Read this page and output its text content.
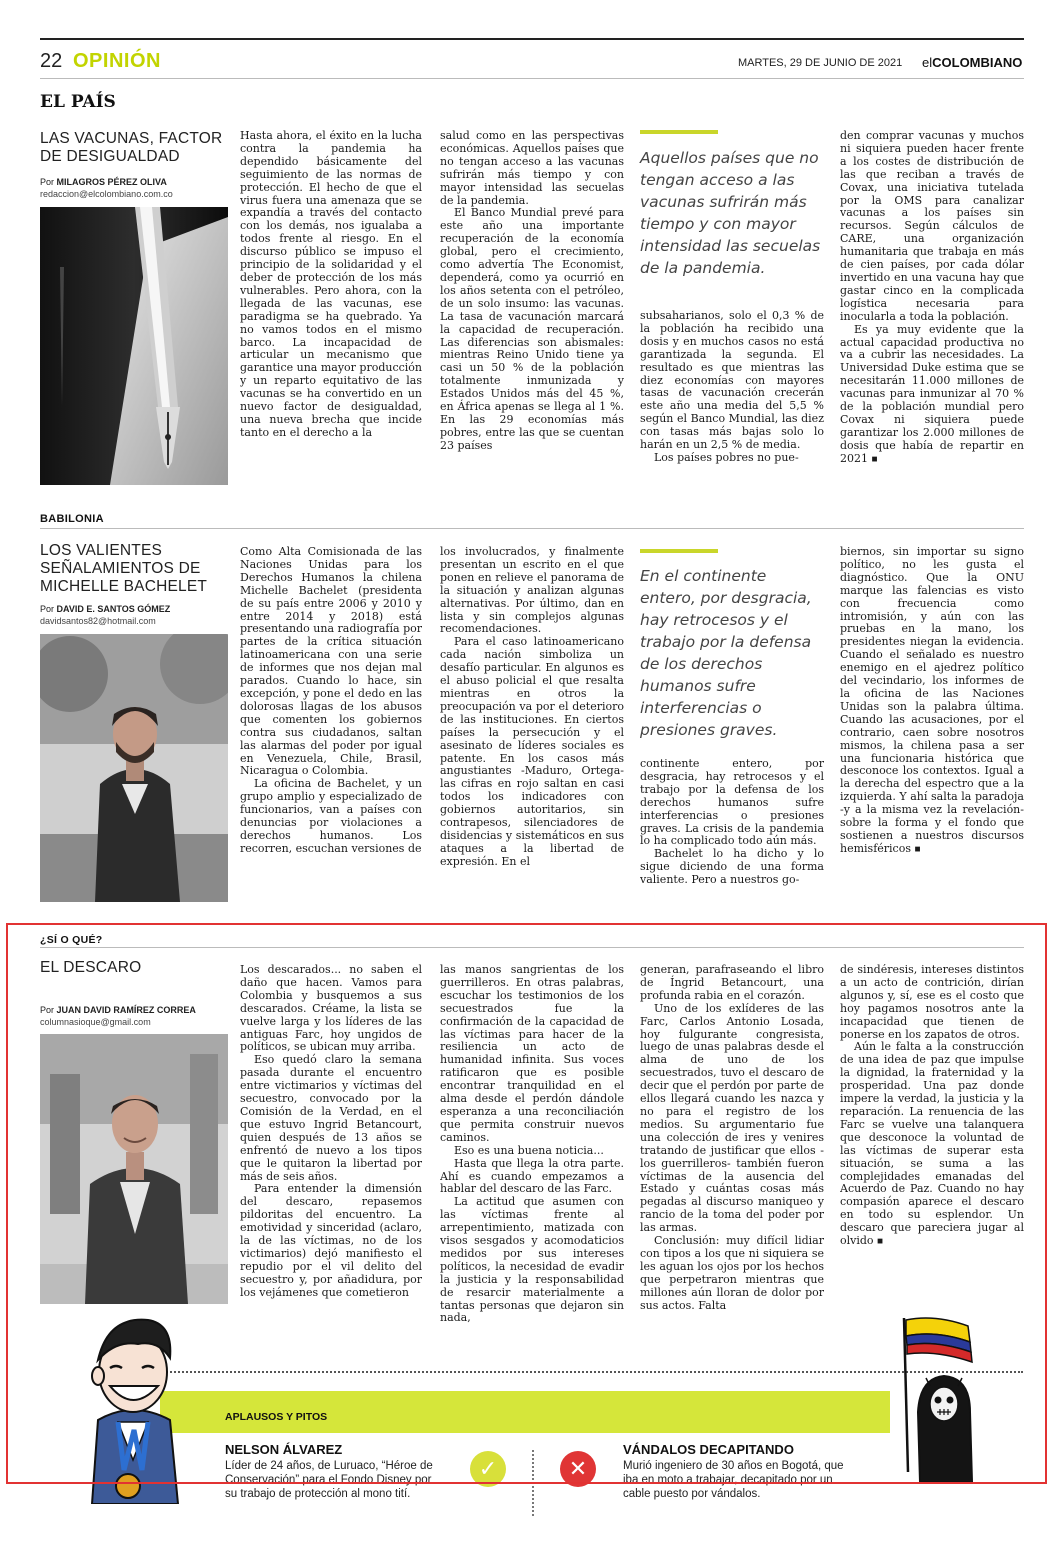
22 OPINIÓN	MARTES, 29 DE JUNIO DE 2021 elCOLOMBIANO
EL PAÍS
LAS VACUNAS, FACTOR
DE DESIGUALDAD
Por MILAGROS PÉREZ OLIVA
redaccion@elcolombiano.com.co

Hasta ahora, el éxito en la lucha contra la pandemia ha dependido básicamente del seguimiento de las normas de protección. El hecho de que el virus fuera una amenaza que se expandía a través del contacto con los demás, nos igualaba a todos frente al riesgo. En el discurso público se impuso el principio de la solidaridad y el deber de protección de los más vulnerables. Pero ahora, con la llegada de las vacunas, ese paradigma se ha quebrado. Ya no vamos todos en el mismo barco. La incapacidad de articular un mecanismo que garantice una mayor producción y un reparto equitativo de las vacunas se ha convertido en un nuevo factor de desigualdad, una nueva brecha que incide tanto en el derecho a la

salud como en las perspectivas económicas. Aquellos países que no tengan acceso a las vacunas sufrirán más tiempo y con mayor intensidad las secuelas de la pandemia.

El Banco Mundial prevé para este año una importante recuperación de la economía global, pero el crecimiento, como advertía The Economist, dependerá, como ya ocurrió en los años setenta con el petróleo, de un solo insumo: las vacunas. La tasa de vacunación marcará la capacidad de recuperación. Las diferencias son abismales: mientras Reino Unido tiene ya casi un 50 % de la población totalmente inmunizada y Estados Unidos más del 45 %, en África apenas se llega al 1 %. En las 29 economías más pobres, entre las que se cuentan 23 países

Aquellos países que no tengan acceso a las vacunas sufrirán más tiempo y con mayor intensidad las secuelas de la pandemia.

subsaharianos, solo el 0,3 % de la población ha recibido una dosis y en muchos casos no está garantizada la segunda. El resultado es que mientras las diez economías con mayores tasas de vacunación crecerán este año una media del 5,5 % según el Banco Mundial, las diez con tasas más bajas solo lo harán en un 2,5 % de media.

Los países pobres no pue-

den comprar vacunas y muchos ni siquiera pueden hacer frente a los costes de distribución de las que reciban a través de Covax, una iniciativa tutelada por la OMS para canalizar vacunas a los países sin recursos. Según cálculos de CARE, una organización humanitaria que trabaja en más de cien países, por cada dólar invertido en una vacuna hay que gastar cinco en la complicada logística necesaria para inocularla a toda la población.

Es ya muy evidente que la actual capacidad productiva no va a cubrir las necesidades. La Universidad Duke estima que se necesitarán 11.000 millones de vacunas para inmunizar al 70 % de la población mundial pero Covax ni siquiera puede garantizar los 2.000 millones de dosis que había de repartir en 2021 ■

BABILONIA
LOS VALIENTES
SEÑALAMIENTOS DE
MICHELLE BACHELET
Por DAVID E. SANTOS GÓMEZ
davidsantos82@hotmail.com

Como Alta Comisionada de las Naciones Unidas para los Derechos Humanos la chilena Michelle Bachelet (presidenta de su país entre 2006 y 2010 y entre 2014 y 2018) está presentando una radiografía por partes de la crítica situación latinoamericana con una serie de informes que nos dejan mal parados. Cuando lo hace, sin excepción, y pone el dedo en las dolorosas llagas de los abusos que comenten los gobiernos contra sus ciudadanos, saltan las alarmas del poder por igual en Venezuela, Chile, Brasil, Nicaragua o Colombia.

La oficina de Bachelet, y un grupo amplio y especializado de funcionarios, van a países con denuncias por violaciones a derechos humanos. Los recorren, escuchan versiones de

los involucrados, y finalmente presentan un escrito en el que ponen en relieve el panorama de la situación y analizan algunas alternativas. Por último, dan en lista y sin complejos algunas recomendaciones.

Para el caso latinoamericano cada nación simboliza un desafío particular. En algunos es el abuso policial el que resalta mientras en otros la preocupación va por el deterioro de las instituciones. En ciertos países la persecución y el asesinato de líderes sociales es patente. En los casos más angustiantes -Maduro, Ortega- las cifras en rojo saltan en casi todos los indicadores con gobiernos autoritarios, sin contrapesos, silenciadores de disidencias y sistemáticos en sus ataques a la libertad de expresión. En el

En el continente entero, por desgracia, hay retrocesos y el trabajo por la defensa de los derechos humanos sufre interferencias o presiones graves.

continente entero, por desgracia, hay retrocesos y el trabajo por la defensa de los derechos humanos sufre interferencias o presiones graves. La crisis de la pandemia lo ha complicado todo aún más.

Bachelet lo ha dicho y lo sigue diciendo de una forma valiente. Pero a nuestros go-

biernos, sin importar su signo político, no les gusta el diagnóstico. Que la ONU marque las falencias es visto con frecuencia como intromisión, y aún con las pruebas en la mano, los presidentes niegan la evidencia. Cuando el señalado es nuestro enemigo en el ajedrez político del vecindario, los informes de la oficina de las Naciones Unidas son la palabra última. Cuando las acusaciones, por el contrario, caen sobre nosotros mismos, la chilena pasa a ser una funcionaria histórica que desconoce los contextos. Igual a la derecha del espectro que a la izquierda. Y ahí salta la paradoja -y a la misma vez la revelación- sobre la forma y el fondo que sostienen a nuestros discursos hemisféricos ■

¿SÍ O QUÉ?
EL DESCARO
Por JUAN DAVID RAMÍREZ CORREA
columnasioque@gmail.com

Los descarados... no saben el daño que hacen. Vamos para Colombia y busquemos a sus descarados. Créame, la lista se vuelve larga y los líderes de las antiguas Farc, hoy ungidos de políticos, se ubican muy arriba.

Eso quedó claro la semana pasada durante el encuentro entre victimarios y víctimas del secuestro, convocado por la Comisión de la Verdad, en el que estuvo Ingrid Betancourt, quien después de 13 años se enfrentó de nuevo a los tipos que le quitaron la libertad por más de seis años.

Para entender la dimensión del descaro, repasemos pildoritas del encuentro. La emotividad y sinceridad (aclaro, la de las víctimas, no de los victimarios) dejó manifiesto el repudio por el vil delito del secuestro y, por añadidura, por los vejámenes que cometieron

las manos sangrientas de los guerrilleros. En otras palabras, escuchar los testimonios de los secuestrados fue la confirmación de la capacidad de las víctimas para hacer de la resiliencia un acto de humanidad infinita. Sus voces ratificaron que es posible encontrar tranquilidad en el alma desde el perdón dándole esperanza a una reconciliación que permita construir nuevos caminos.

Eso es una buena noticia...

Hasta que llega la otra parte. Ahí es cuando empezamos a hablar del descaro de las Farc.

La actitud que asumen con las víctimas frente al arrepentimiento, matizada con visos sesgados y acomodaticios medidos por sus intereses políticos, la necesidad de evadir la justicia y la responsabilidad de resarcir materialmente a tantas personas que dejaron sin nada,

generan, parafraseando el libro de Íngrid Betancourt, una profunda rabia en el corazón.

Uno de los exlíderes de las Farc, Carlos Antonio Losada, hoy fulgurante congresista, luego de unas palabras desde el alma de uno de los secuestrados, tuvo el descaro de decir que el perdón por parte de ellos llegará cuando les nazca y no para el registro de los medios. Su argumentario fue una colección de ires y venires tratando de justificar que ellos -los guerrilleros- también fueron víctimas de la ausencia del Estado y cuántas cosas más pegadas al discurso maniqueo y rancio de la toma del poder por las armas.

Conclusión: muy difícil lidiar con tipos a los que ni siquiera se les aguan los ojos por los hechos que perpetraron mientras que millones aún lloran de dolor por sus actos. Falta

de sindéresis, intereses distintos a un acto de contrición, dirían algunos y, sí, ese es el costo que hoy pagamos nosotros ante la incapacidad que tienen de ponerse en los zapatos de otros.

Aún le falta a la construcción de una idea de paz que impulse la dignidad, la fraternidad y la prosperidad. Una paz donde impere la verdad, la justicia y la reparación. La renuencia de las Farc se vuelve una talanquera que desconoce la voluntad de las víctimas de superar esta situación, se suma a las complejidades emanadas del Acuerdo de Paz. Cuando no hay compasión aparece el descaro en todo su esplendor. Un descaro que pareciera jugar al olvido ■

APLAUSOS Y PITOS
NELSON ÁLVAREZ
Líder de 24 años, de Luruaco, “Héroe de Conservación” para el Fondo Disney por su trabajo de protección al mono tití.
✓	✕
VÁNDALOS DECAPITANDO
Murió ingeniero de 30 años en Bogotá, que iba en moto a trabajar, decapitado por un cable puesto por vándalos.
